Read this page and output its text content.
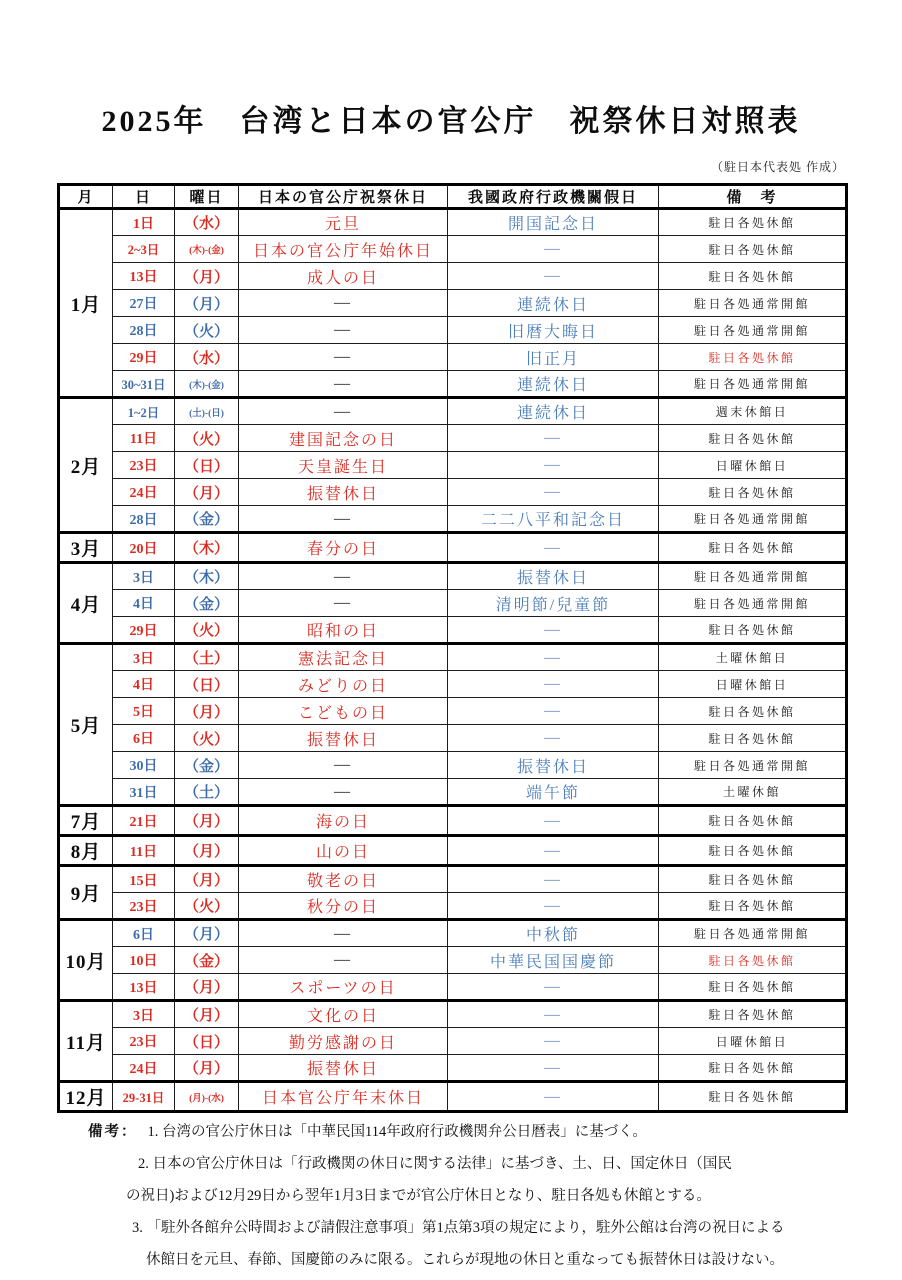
2025年　台湾と日本の官公庁　祝祭休日対照表
（駐日本代表処 作成）
月	日	曜日	日本の官公庁祝祭休日	我國政府行政機關假日	備　考
1月	1日	（水）	元旦	開国記念日	駐日各処休館
	2~3日	(木)-(金)	日本の官公庁年始休日	―	駐日各処休館
	13日	（月）	成人の日	―	駐日各処休館
	27日	（月）	―	連続休日	駐日各処通常開館
	28日	（火）	―	旧暦大晦日	駐日各処通常開館
	29日	（水）	―	旧正月	駐日各処休館
	30~31日	(木)-(金)	―	連続休日	駐日各処通常開館
2月	1~2日	(土)-(日)	―	連続休日	週末休館日
	11日	（火）	建国記念の日	―	駐日各処休館
	23日	（日）	天皇誕生日	―	日曜休館日
	24日	（月）	振替休日	―	駐日各処休館
	28日	（金）	―	二二八平和記念日	駐日各処通常開館
3月	20日	（木）	春分の日	―	駐日各処休館
4月	3日	（木）	―	振替休日	駐日各処通常開館
	4日	（金）	―	清明節/兒童節	駐日各処通常開館
	29日	（火）	昭和の日	―	駐日各処休館
5月	3日	（土）	憲法記念日	―	土曜休館日
	4日	（日）	みどりの日	―	日曜休館日
	5日	（月）	こどもの日	―	駐日各処休館
	6日	（火）	振替休日	―	駐日各処休館
	30日	（金）	―	振替休日	駐日各処通常開館
	31日	（土）	―	端午節	土曜休館
7月	21日	（月）	海の日	―	駐日各処休館
8月	11日	（月）	山の日	―	駐日各処休館
9月	15日	（月）	敬老の日	―	駐日各処休館
	23日	（火）	秋分の日	―	駐日各処休館
10月	6日	（月）	―	中秋節	駐日各処通常開館
	10日	（金）	―	中華民国国慶節	駐日各処休館
	13日	（月）	スポーツの日	―	駐日各処休館
11月	3日	（月）	文化の日	―	駐日各処休館
	23日	（日）	勤労感謝の日	―	日曜休館日
	24日	（月）	振替休日	―	駐日各処休館
12月	29-31日	(月)-(水)	日本官公庁年末休日	―	駐日各処休館
備考： 1. 台湾の官公庁休日は「中華民国114年政府行政機関弁公日暦表」に基づく。
2. 日本の官公庁休日は「行政機関の休日に関する法律」に基づき、土、日、国定休日（国民
の祝日)および12月29日から翌年1月3日までが官公庁休日となり、駐日各処も休館とする。
3. 「駐外各館弁公時間および請假注意事項」第1点第3項の規定により，駐外公館は台湾の祝日による
休館日を元旦、春節、国慶節のみに限る。これらが現地の休日と重なっても振替休日は設けない。
